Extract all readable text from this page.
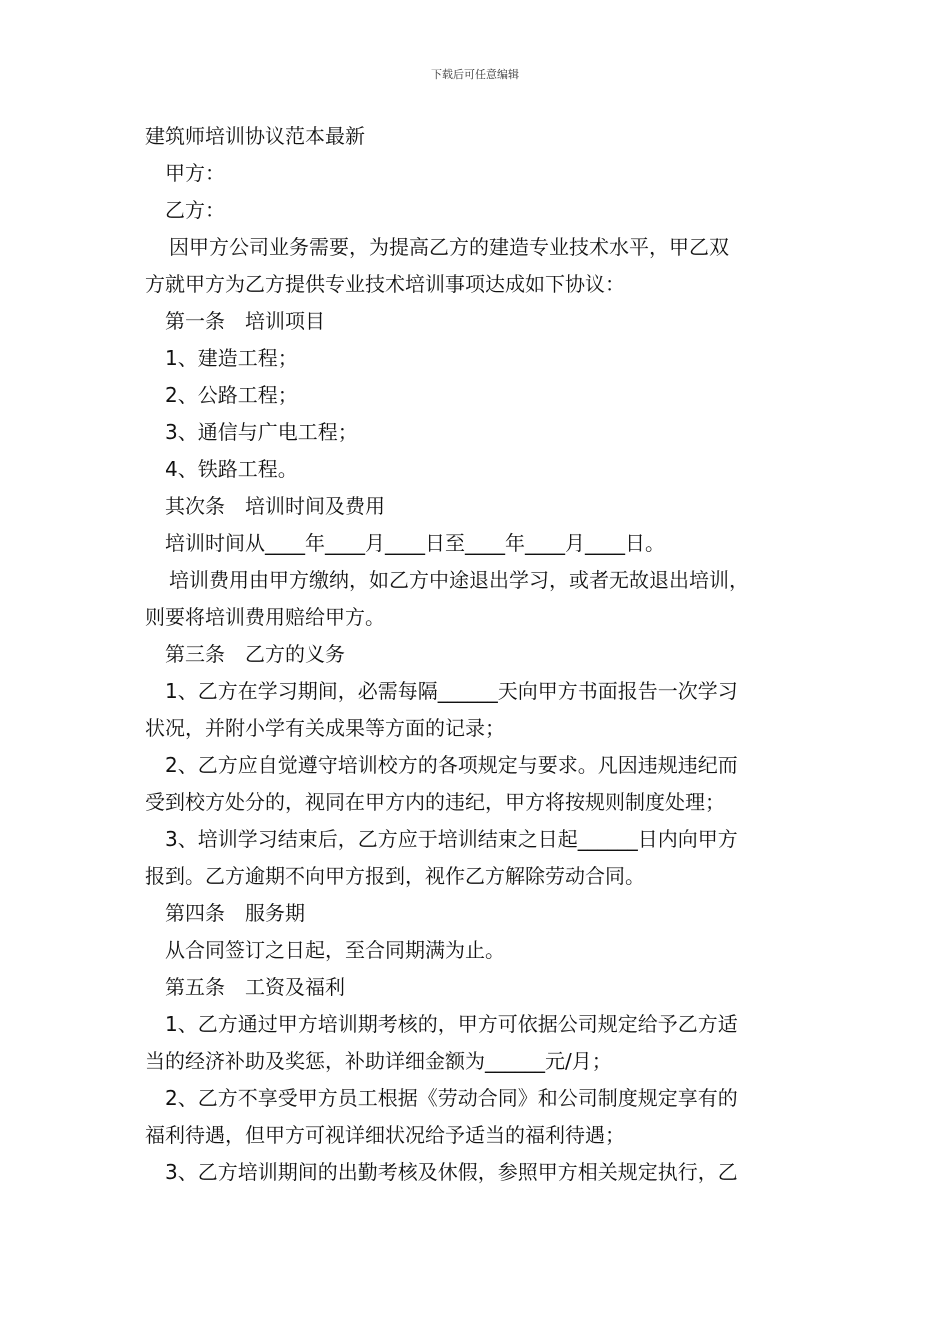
下载后可任意编辑

建筑师培训协议范本最新

甲方：

乙方：

因甲方公司业务需要，为提高乙方的建造专业技术水平，甲乙双

方就甲方为乙方提供专业技术培训事项达成如下协议：

第一条　培训项目

1、建造工程；

2、公路工程；

3、通信与广电工程；

4、铁路工程。

其次条　培训时间及费用

培训时间从____年____月____日至____年____月____日。

培训费用由甲方缴纳，如乙方中途退出学习，或者无故退出培训，

则要将培训费用赔给甲方。

第三条　乙方的义务

1、乙方在学习期间，必需每隔______天向甲方书面报告一次学习

状况，并附小学有关成果等方面的记录；

2、乙方应自觉遵守培训校方的各项规定与要求。凡因违规违纪而

受到校方处分的，视同在甲方内的违纪，甲方将按规则制度处理；

3、培训学习结束后，乙方应于培训结束之日起______日内向甲方

报到。乙方逾期不向甲方报到，视作乙方解除劳动合同。

第四条　服务期

从合同签订之日起，至合同期满为止。

第五条　工资及福利

1、乙方通过甲方培训期考核的，甲方可依据公司规定给予乙方适

当的经济补助及奖惩，补助详细金额为______元/月；

2、乙方不享受甲方员工根据《劳动合同》和公司制度规定享有的

福利待遇，但甲方可视详细状况给予适当的福利待遇；

3、乙方培训期间的出勤考核及休假，参照甲方相关规定执行，乙
